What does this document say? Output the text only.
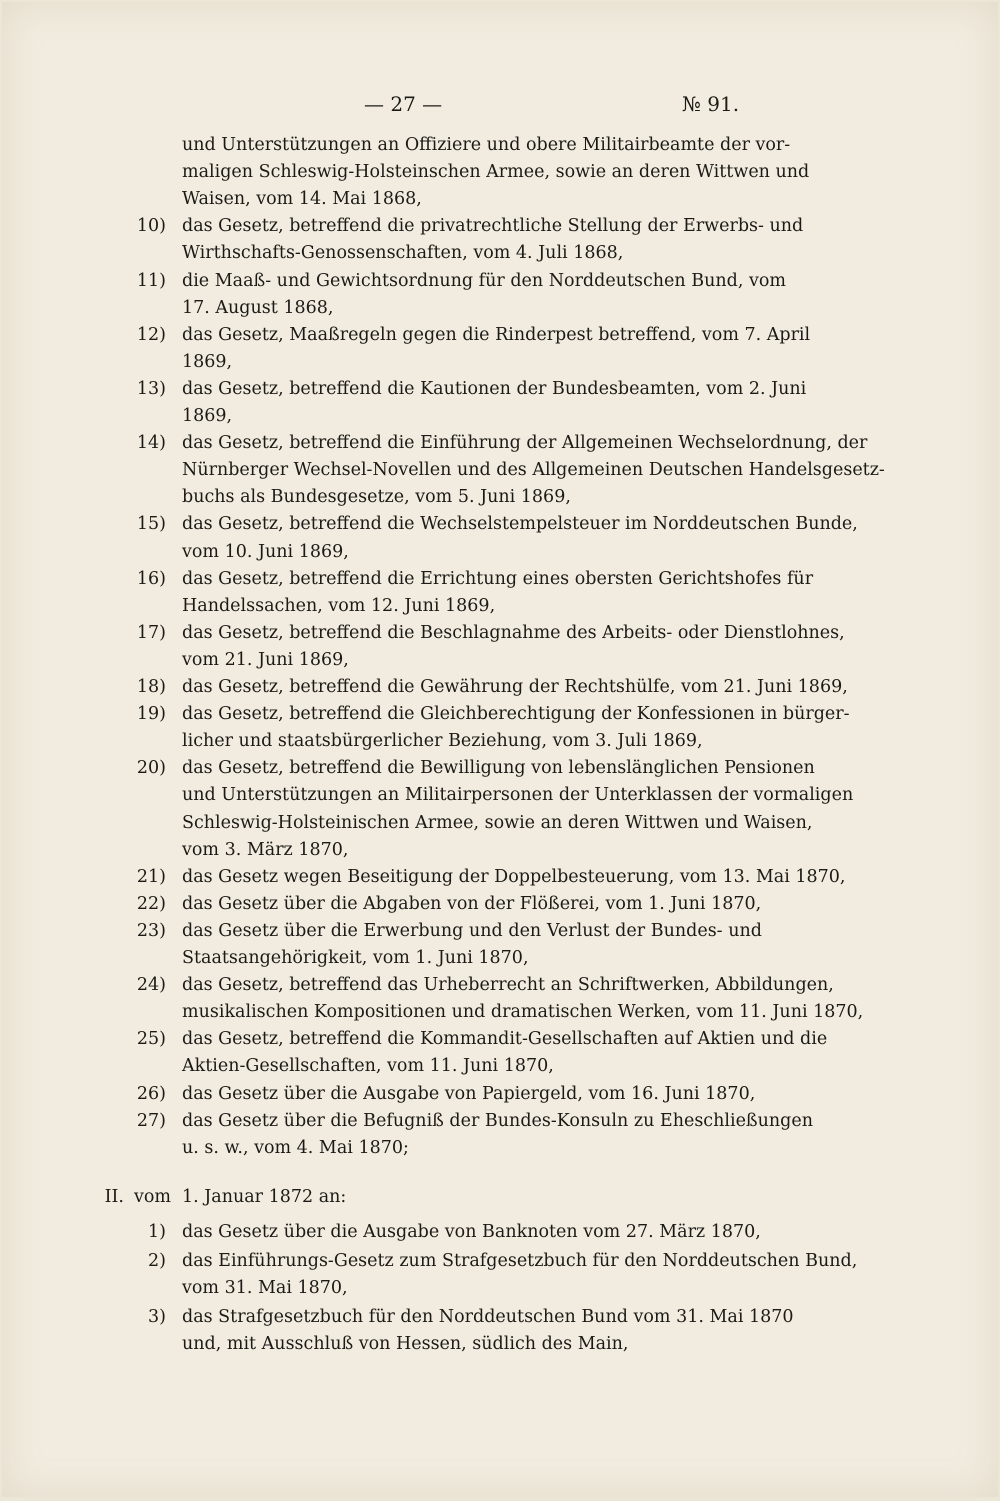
— 27 —	№ 91.
und Unterstützungen an Offiziere und obere Militairbeamte der vor-
maligen Schleswig-Holsteinschen Armee, sowie an deren Wittwen und
Waisen, vom 14. Mai 1868,
10) das Gesetz, betreffend die privatrechtliche Stellung der Erwerbs- und
Wirthschafts-Genossenschaften, vom 4. Juli 1868,
11) die Maaß- und Gewichtsordnung für den Norddeutschen Bund, vom
17. August 1868,
12) das Gesetz, Maaßregeln gegen die Rinderpest betreffend, vom 7. April
1869,
13) das Gesetz, betreffend die Kautionen der Bundesbeamten, vom 2. Juni
1869,
14) das Gesetz, betreffend die Einführung der Allgemeinen Wechselordnung, der
Nürnberger Wechsel-Novellen und des Allgemeinen Deutschen Handelsgesetz-
buchs als Bundesgesetze, vom 5. Juni 1869,
15) das Gesetz, betreffend die Wechselstempelsteuer im Norddeutschen Bunde,
vom 10. Juni 1869,
16) das Gesetz, betreffend die Errichtung eines obersten Gerichtshofes für
Handelssachen, vom 12. Juni 1869,
17) das Gesetz, betreffend die Beschlagnahme des Arbeits- oder Dienstlohnes,
vom 21. Juni 1869,
18) das Gesetz, betreffend die Gewährung der Rechtshülfe, vom 21. Juni 1869,
19) das Gesetz, betreffend die Gleichberechtigung der Konfessionen in bürger-
licher und staatsbürgerlicher Beziehung, vom 3. Juli 1869,
20) das Gesetz, betreffend die Bewilligung von lebenslänglichen Pensionen
und Unterstützungen an Militairpersonen der Unterklassen der vormaligen
Schleswig-Holsteinischen Armee, sowie an deren Wittwen und Waisen,
vom 3. März 1870,
21) das Gesetz wegen Beseitigung der Doppelbesteuerung, vom 13. Mai 1870,
22) das Gesetz über die Abgaben von der Flößerei, vom 1. Juni 1870,
23) das Gesetz über die Erwerbung und den Verlust der Bundes- und
Staatsangehörigkeit, vom 1. Juni 1870,
24) das Gesetz, betreffend das Urheberrecht an Schriftwerken, Abbildungen,
musikalischen Kompositionen und dramatischen Werken, vom 11. Juni 1870,
25) das Gesetz, betreffend die Kommandit-Gesellschaften auf Aktien und die
Aktien-Gesellschaften, vom 11. Juni 1870,
26) das Gesetz über die Ausgabe von Papiergeld, vom 16. Juni 1870,
27) das Gesetz über die Befugniß der Bundes-Konsuln zu Eheschließungen
u. s. w., vom 4. Mai 1870;
II. vom 1. Januar 1872 an:
1) das Gesetz über die Ausgabe von Banknoten vom 27. März 1870,
2) das Einführungs-Gesetz zum Strafgesetzbuch für den Norddeutschen Bund,
vom 31. Mai 1870,
3) das Strafgesetzbuch für den Norddeutschen Bund vom 31. Mai 1870
und, mit Ausschluß von Hessen, südlich des Main,
